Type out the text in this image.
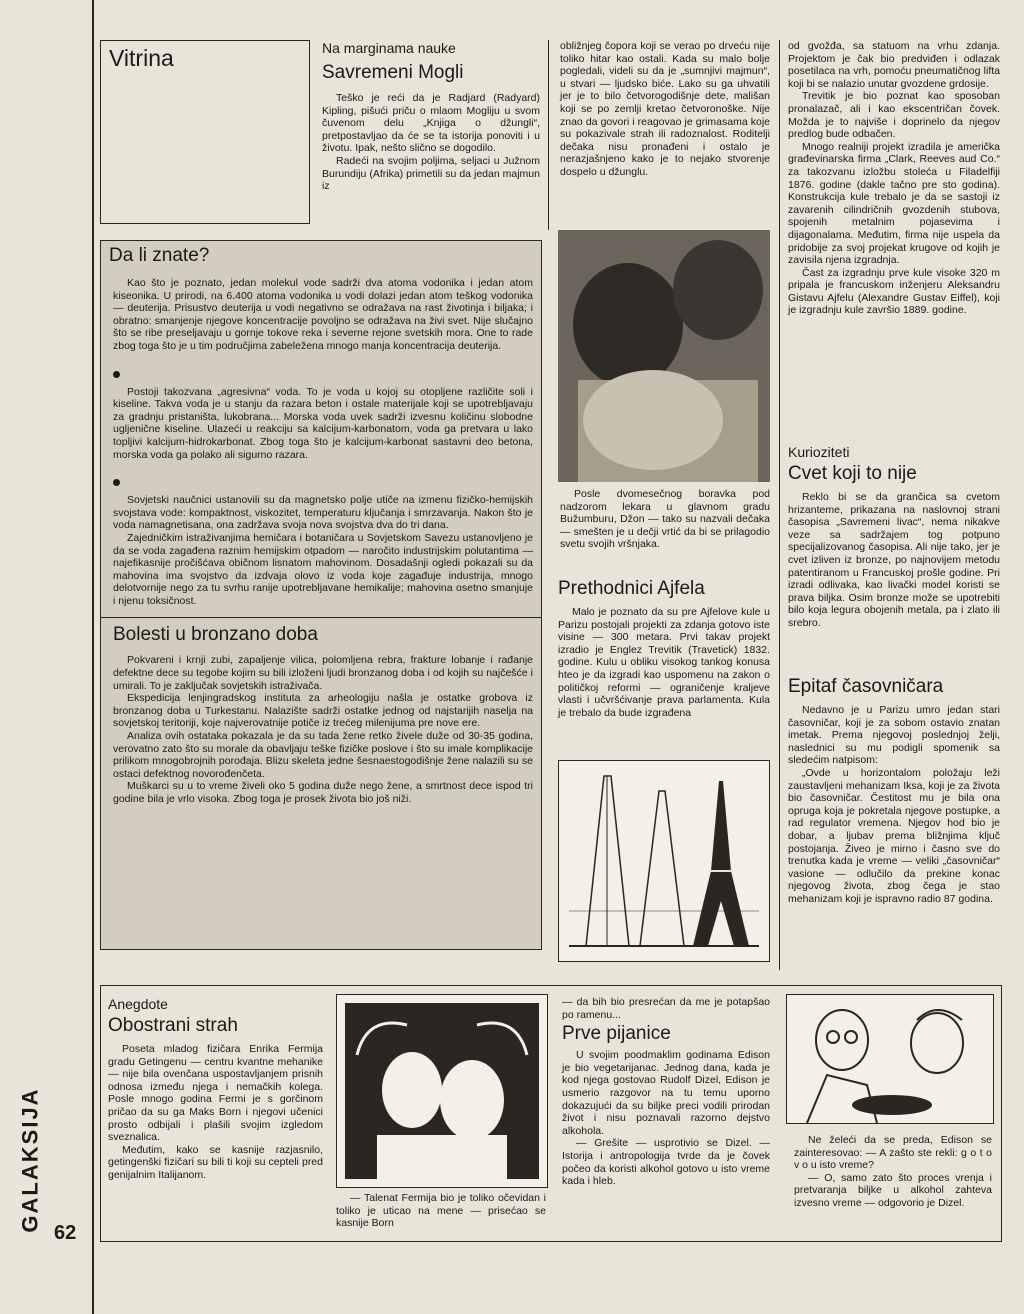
GALAKSIJA
62
Vitrina	Na marginama nauke
Savremeni Mogli

Teško je reći da je Radjard (Radyard) Kipling, pišući priču o mlaom Mogliju u svom čuvenom delu „Knjiga o džungli“, pretpostavljao da će se ta istorija ponoviti i u životu. Ipak, nešto slično se dogodilo.

Radeći na svojim poljima, seljaci u Južnom Burundiju (Afrika) primetili su da jedan majmun iz

obližnjeg čopora koji se verao po drveću nije toliko hitar kao ostali. Kada su malo bolje pogledali, videli su da je „sumnjivi majmun“, u stvari — ljudsko biće. Lako su ga uhvatili jer je to bilo četvorogodišnje dete, mališan koji se po zemlji kretao četvoronoške. Nije znao da govori i reagovao je grimasama koje su pokazivale strah ili radoznalost. Roditelji dečaka nisu pronađeni i ostalo je nerazjašnjeno kako je to nejako stvorenje dospelo u džunglu.

Posle dvomesečnog boravka pod nadzorom lekara u glavnom gradu Bužumburu, Džon — tako su nazvali dečaka — smešten je u dečji vrtić da bi se prilagodio svetu svojih vršnjaka.

Da li znate?

Kao što je poznato, jedan molekul vode sadrži dva atoma vodonika i jedan atom kiseonika. U prirodi, na 6.400 atoma vodonika u vodi dolazi jedan atom teškog vodonika — deuterija. Prisustvo deuterija u vodi negativno se odražava na rast životinja i biljaka; i obratno: smanjenje njegove koncentracije povoljno se odražava na živi svet. Nije slučajno što se ribe preseljavaju u gornje tokove reka i severne rejone svetskih mora. One to rade zbog toga što je u tim područjima zabeležena mnogo manja koncentracija deuterija.

Postoji takozvana „agresivna“ voda. To je voda u kojoj su otopljene različite soli i kiseline. Takva voda je u stanju da razara beton i ostale materijale koji se upotrebljavaju za gradnju pristaništa, lukobrana... Morska voda uvek sadrži izvesnu količinu slobodne ugljenične kiseline. Ulazeći u reakciju sa kalcijum-karbonatom, voda ga pretvara u lako topljivi kalcijum-hidrokarbonat. Zbog toga što je kalcijum-karbonat sastavni deo betona, morska voda ga polako ali sigurno razara.

Sovjetski naučnici ustanovili su da magnetsko polje utiče na izmenu fizičko-hemijskih svojstava vode: kompaktnost, viskozitet, temperaturu ključanja i smrzavanja. Nakon što je voda namagnetisana, ona zadržava svoja nova svojstva dva do tri dana.

Zajedničkim istraživanjima hemičara i botaničara u Sovjetskom Savezu ustanovljeno je da se voda zagađena raznim hemijskim otpadom — naročito industrijskim polutantima — najefikasnije pročišćava običnom lisnatom mahovinom. Dosadašnji ogledi pokazali su da mahovina ima svojstvo da izdvaja olovo iz voda koje zagađuje industrija, mnogo delotvornije nego za tu svrhu ranije upotrebljavane hemikalije; mahovina osetno smanjuje i njenu toksičnost.

Bolesti u bronzano doba

Pokvareni i krnji zubi, zapaljenje vilica, polomljena rebra, frakture lobanje i rađanje defektne dece su tegobe kojim su bili izloženi ljudi bronzanog doba i od kojih su najčešće i umirali. To je zaključak sovjetskih istraživača.

Ekspedicija lenjingradskog instituta za arheologiju našla je ostatke grobova iz bronzanog doba u Turkestanu. Nalazište sadrži ostatke jednog od najstarijih naselja na sovjetskoj teritoriji, koje najverovatnije potiče iz trećeg milenijuma pre nove ere.

Analiza ovih ostataka pokazala je da su tada žene retko živele duže od 30-35 godina, verovatno zato što su morale da obavljaju teške fizičke poslove i što su imale komplikacije prilikom mnogobrojnih porođaja. Blizu skeleta jedne šesnaestogodišnje žene nalazili su se ostaci defektnog novorođenčeta.

Muškarci su u to vreme živeli oko 5 godina duže nego žene, a smrtnost dece ispod tri godine bila je vrlo visoka. Zbog toga je prosek života bio još niži.

Prethodnici Ajfela

Malo je poznato da su pre Ajfelove kule u Parizu postojali projekti za zdanja gotovo iste visine — 300 metara. Prvi takav projekt izradio je Englez Trevitik (Travetick) 1832. godine. Kulu u obliku visokog tankog konusa hteo je da izgradi kao uspomenu na zakon o političkoj reformi — ograničenje kraljeve vlasti i učvršćivanje prava parlamenta. Kula je trebalo da bude izgrađena

od gvožđa, sa statuom na vrhu zdanja. Projektom je čak bio predviđen i odlazak posetilaca na vrh, pomoću pneumatičnog lifta koji bi se nalazio unutar gvozdene grdosije.

Trevitik je bio poznat kao sposoban pronalazač, ali i kao ekscentričan čovek. Možda je to najviše i doprinelo da njegov predlog bude odbačen.

Mnogo realniji projekt izradila je američka građevinarska firma „Clark, Reeves aud Co.“ za takozvanu izložbu stoleća u Filadelfiji 1876. godine (dakle tačno pre sto godina). Konstrukcija kule trebalo je da se sastoji iz zavarenih cilindričnih gvozdenih stubova, spojenih metalnim pojasevima i dijagonalama. Međutim, firma nije uspela da pridobije za svoj projekat krugove od kojih je zavisila njena izgradnja.

Čast za izgradnju prve kule visoke 320 m pripala je francuskom inženjeru Aleksandru Gistavu Ajfelu (Alexandre Gustav Eiffel), koji je izgradnju kule završio 1889. godine.

Kurioziteti
Cvet koji to nije

Reklo bi se da grančica sa cvetom hrizanteme, prikazana na naslovnoj strani časopisa „Savremeni livac“, nema nikakve veze sa sadržajem tog potpuno specijalizovanog časopisa. Ali nije tako, jer je cvet izliven iz bronze, po najnovijem metodu patentiranom u Francuskoj prošle godine. Pri izradi odlivaka, kao livački model koristi se prava biljka. Osim bronze može se upotrebiti bilo koja legura obojenih metala, pa i zlato ili srebro.

Epitaf časovničara

Nedavno je u Parizu umro jedan stari časovničar, koji je za sobom ostavio znatan imetak. Prema njegovoj poslednjoj želji, naslednici su mu podigli spomenik sa sledećim natpisom:

„Ovde u horizontalom položaju leži zaustavljeni mehanizam Iksa, koji je za života bio časovničar. Čestitost mu je bila ona opruga koja je pokretala njegove postupke, a rad regulator vremena. Njegov hod bio je dobar, a ljubav prema bližnjima ključ postojanja. Živeo je mirno i časno sve do trenutka kada je vreme — veliki „časovničar“ vasione — odlučilo da prekine konac njegovog života, zbog čega je stao mehanizam koji je ispravno radio 87 godina.

Anegdote
Obostrani strah

Poseta mladog fizičara Enrika Fermija gradu Getingenu — centru kvantne mehanike — nije bila ovenčana uspostavljanjem prisnih odnosa između njega i nemačkih kolega. Posle mnogo godina Fermi je s gorčinom pričao da su ga Maks Born i njegovi učenici prosto odbijali i plašili svojim izgledom sveznalica.

Međutim, kako se kasnije razjasnilo, getingenški fizičari su bili ti koji su cepteli pred genijalnim Italijanom.

— Talenat Fermija bio je toliko očevidan i toliko je uticao na mene — prisećao se kasnije Born

— da bih bio presrećan da me je potapšao po ramenu...

Prve pijanice

U svojim poodmaklim godinama Edison je bio vegetarijanac. Jednog dana, kada je kod njega gostovao Rudolf Dizel, Edison je usmerio razgovor na tu temu uporno dokazujući da su biljke preci vodili prirodan život i nisu poznavali razorno dejstvo alkohola.

— Grešite — usprotivio se Dizel. — Istorija i antropologija tvrde da je čovek počeo da koristi alkohol gotovo u isto vreme kada i hleb.

Ne želeći da se preda, Edison se zainteresovao: — A zašto ste rekli: g o t o v o u isto vreme?

— O, samo zato što proces vrenja i pretvaranja biljke u alkohol zahteva izvesno vreme — odgovorio je Dizel.
